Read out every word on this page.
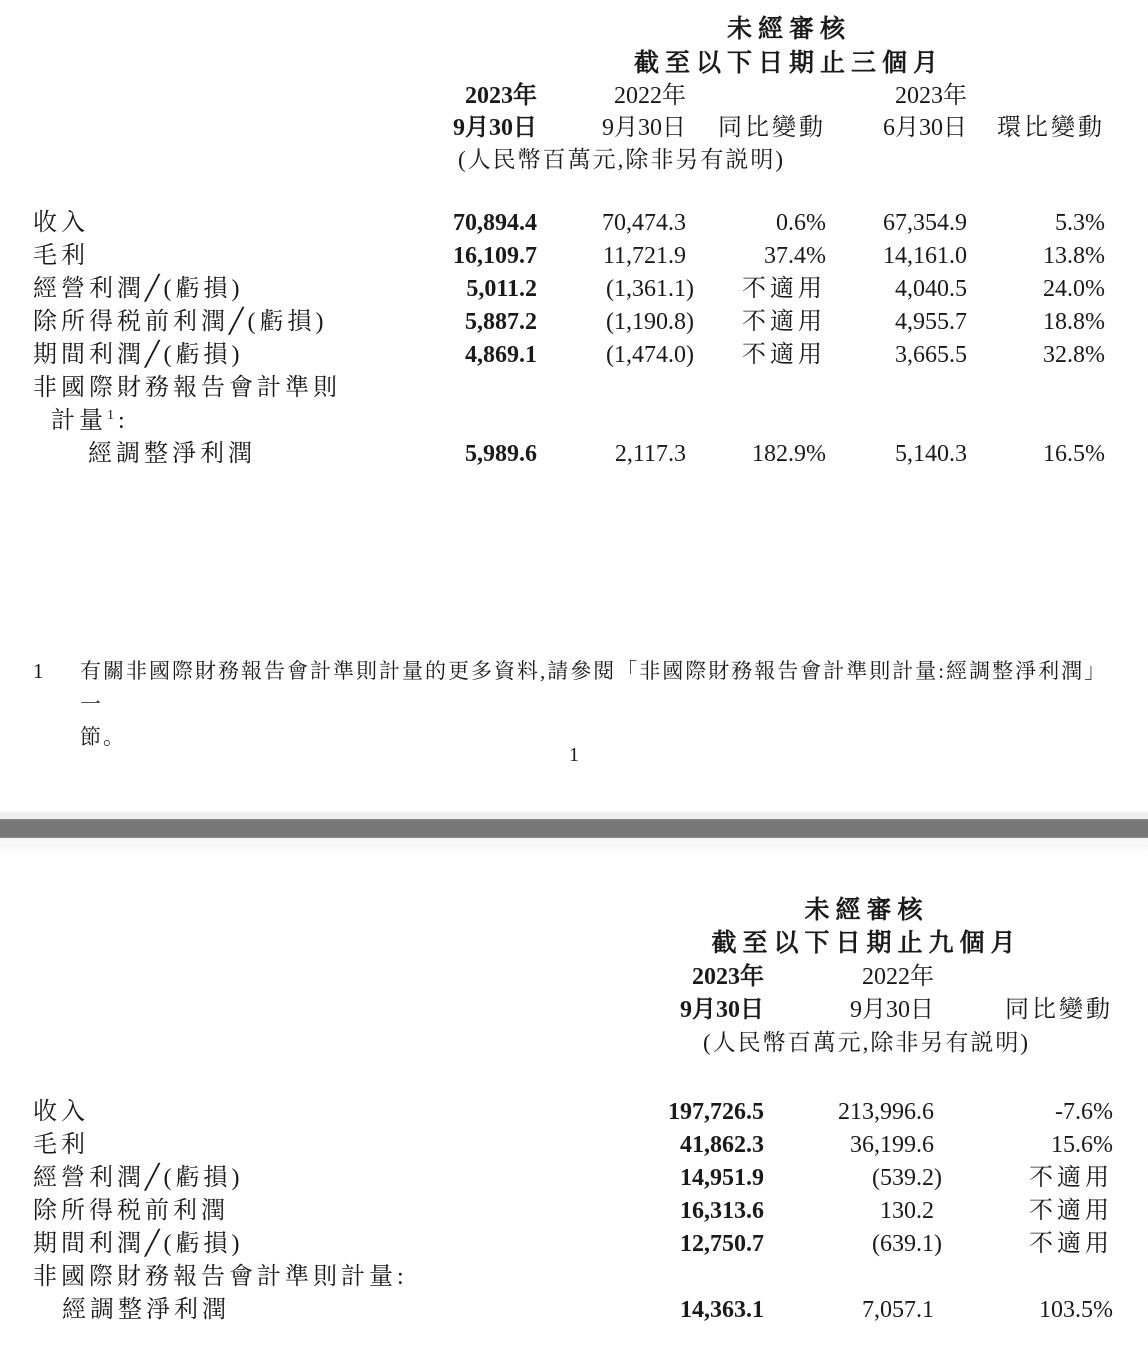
	未經審核				
	截至以下日期止三個月				
	2023年	2022年		2023年	
	9月30日	9月30日	同比變動	6月30日	環比變動
	(人民幣百萬元,除非另有説明)				

收入	70,894.4	70,474.3	0.6%	67,354.9	5.3%
毛利	16,109.7	11,721.9	37.4%	14,161.0	13.8%
經營利潤╱(虧損)	5,011.2	(1,361.1)	不適用	4,040.5	24.0%
除所得税前利潤╱(虧損)	5,887.2	(1,190.8)	不適用	4,955.7	18.8%
期間利潤╱(虧損)	4,869.1	(1,474.0)	不適用	3,665.5	32.8%
非國際財務報告會計準則					
計量$^1$:					
經調整淨利潤	5,989.6	2,117.3	182.9%	5,140.3	16.5%
1	有關非國際財務報告會計準則計量的更多資料,請參閱「非國際財務報告會計準則計量:經調整淨利潤」一
節。
1
	未經審核		
	截至以下日期止九個月		
	2023年	2022年	
	9月30日	9月30日	同比變動
	(人民幣百萬元,除非另有説明)		

收入	197,726.5	213,996.6	-7.6%
毛利	41,862.3	36,199.6	15.6%
經營利潤╱(虧損)	14,951.9	(539.2)	不適用
除所得税前利潤	16,313.6	130.2	不適用
期間利潤╱(虧損)	12,750.7	(639.1)	不適用
非國際財務報告會計準則計量:			
經調整淨利潤	14,363.1	7,057.1	103.5%
